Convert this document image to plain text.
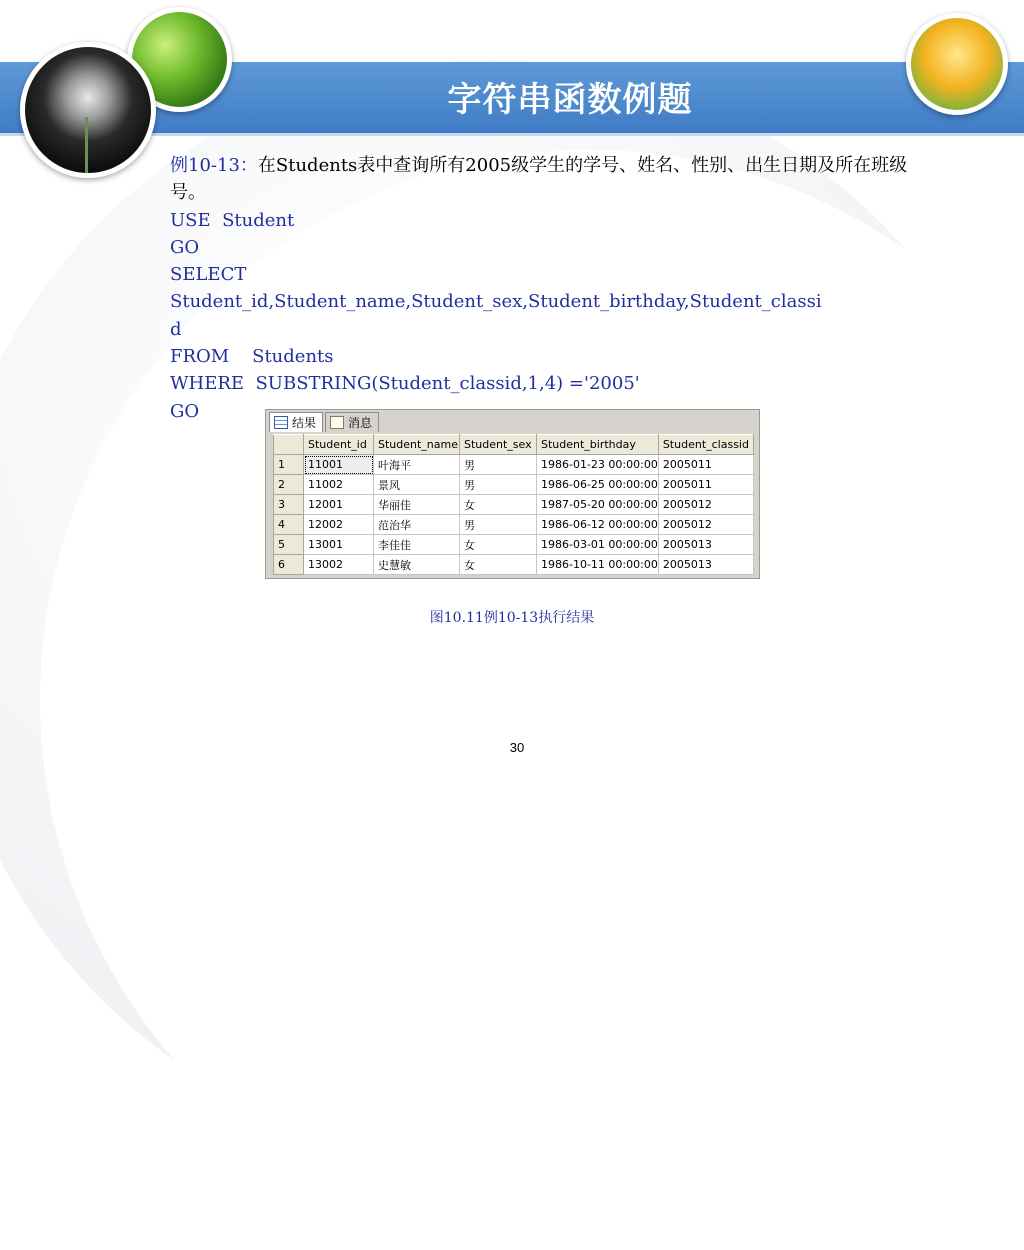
字符串函数例题
例10-13：在Students表中查询所有2005级学生的学号、姓名、性别、出生日期及所在班级号。
USE  Student
GO
SELECT
Student_id,Student_name,Student_sex,Student_birthday,Student_classi
d
FROM    Students
WHERE  SUBSTRING(Student_classid,1,4) ='2005'
GO
结果	消息
	Student_id	Student_name	Student_sex	Student_birthday	Student_classid
1	11001	叶海平	男	1986-01-23 00:00:00	2005011
2	11002	景风	男	1986-06-25 00:00:00	2005011
3	12001	华丽佳	女	1987-05-20 00:00:00	2005012
4	12002	范治华	男	1986-06-12 00:00:00	2005012
5	13001	李佳佳	女	1986-03-01 00:00:00	2005013
6	13002	史慧敏	女	1986-10-11 00:00:00	2005013
图10.11例10-13执行结果
30
